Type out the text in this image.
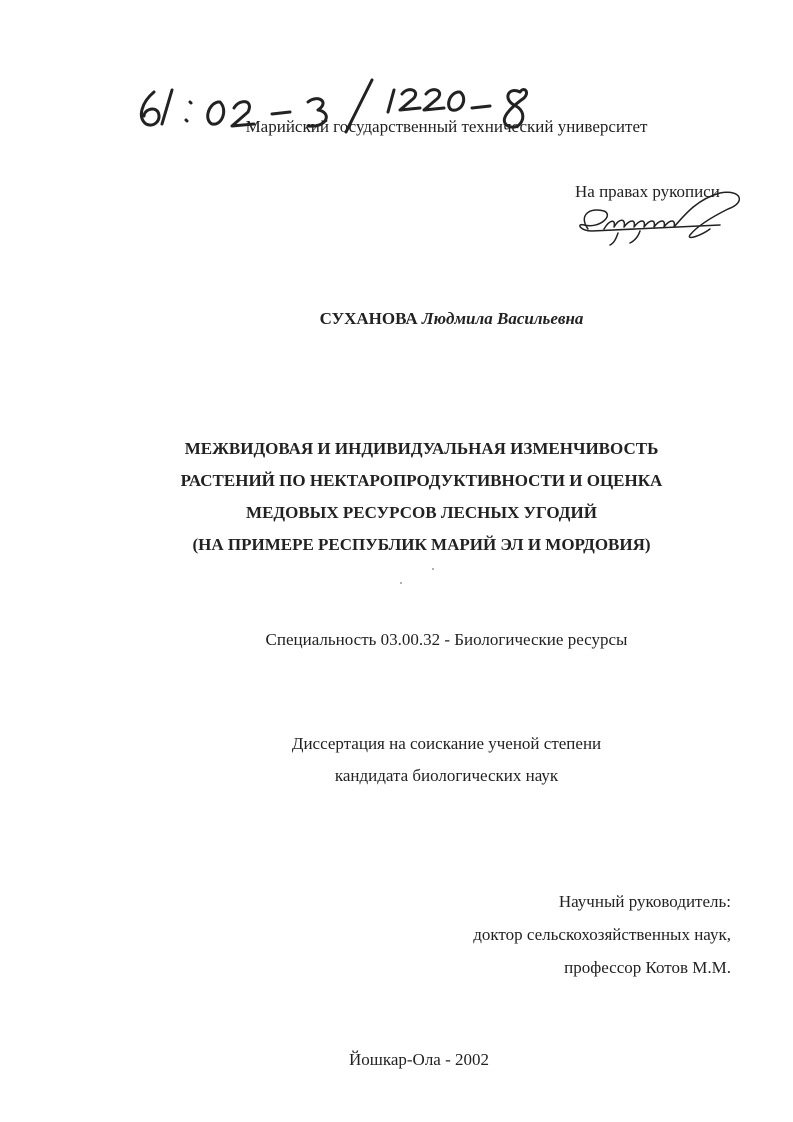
Марийский государственный технический университет
На правах рукописи
СУХАНОВА Людмила Васильевна
МЕЖВИДОВАЯ И ИНДИВИДУАЛЬНАЯ ИЗМЕНЧИВОСТЬ
РАСТЕНИЙ ПО НЕКТАРОПРОДУКТИВНОСТИ И ОЦЕНКА
МЕДОВЫХ РЕСУРСОВ ЛЕСНЫХ УГОДИЙ
(НА ПРИМЕРЕ РЕСПУБЛИК МАРИЙ ЭЛ И МОРДОВИЯ)
Специальность 03.00.32 - Биологические ресурсы
Диссертация на соискание ученой степени
кандидата биологических наук
Научный руководитель:
доктор сельскохозяйственных наук,
профессор Котов М.М.
Йошкар-Ола - 2002
